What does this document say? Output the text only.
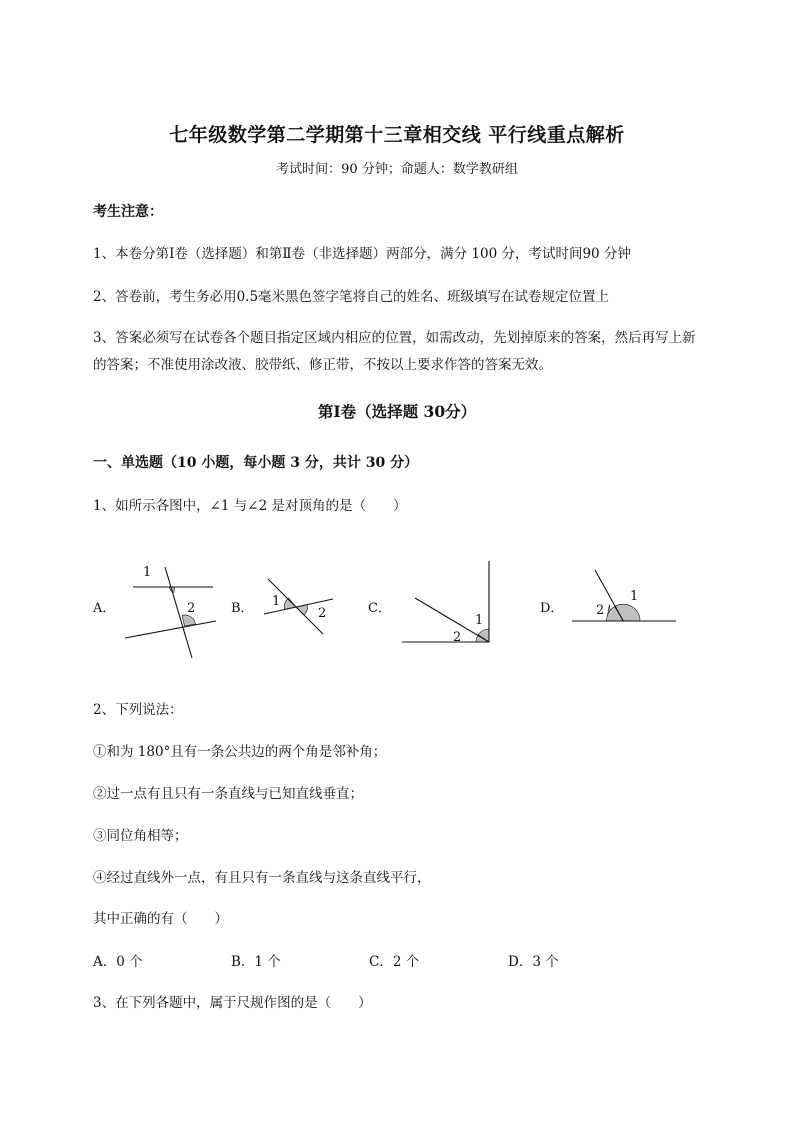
七年级数学第二学期第十三章相交线 平行线重点解析
考试时间：90 分钟；命题人：数学教研组
考生注意：
1、本卷分第Ⅰ卷（选择题）和第Ⅱ卷（非选择题）两部分，满分 100 分，考试时间90 分钟
2、答卷前，考生务必用0.5毫米黑色签字笔将自己的姓名、班级填写在试卷规定位置上
3、答案必须写在试卷各个题目指定区域内相应的位置，如需改动，先划掉原来的答案，然后再写上新
的答案；不准使用涂改液、胶带纸、修正带，不按以上要求作答的答案无效。
第Ⅰ卷（选择题 30分）
一、单选题（10 小题，每小题 3 分，共计 30 分）
1、如所示各图中，∠1 与∠2 是对顶角的是（　　）
A．	B．	C．	D．
1
2	1
2	1
2
1
2
2、下列说法：
①和为 180°且有一条公共边的两个角是邻补角；
②过一点有且只有一条直线与已知直线垂直；
③同位角相等；
④经过直线外一点，有且只有一条直线与这条直线平行，
其中正确的有（　　）
A．0 个	B．1 个	C．2 个	D．3 个
3、在下列各题中，属于尺规作图的是（　　）
